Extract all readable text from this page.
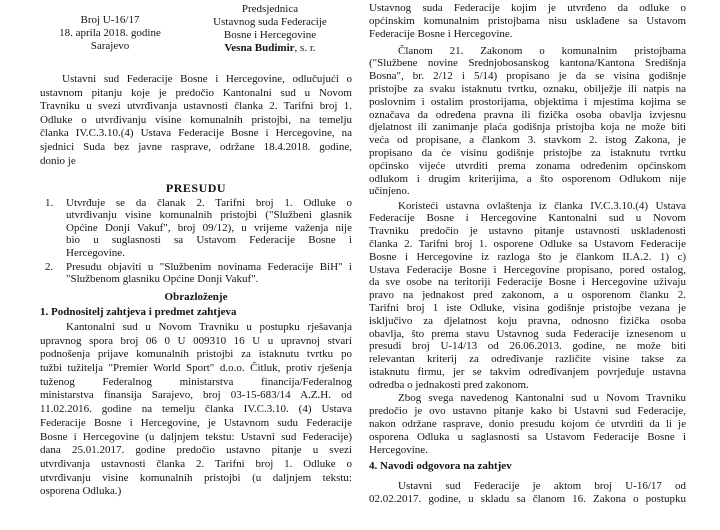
Broj U-16/17
18. aprila 2018. godine
Sarajevo
Predsjednica
Ustavnog suda Federacije
Bosne i Hercegovine
Vesna Budimir, s. r.
Ustavni sud Federacije Bosne i Hercegovine, odlučujući o
ustavnom pitanju koje je predočio Kantonalni sud u Novom
Travniku u svezi utvrđivanja ustavnosti članka 2. Tarifni broj 1.
Odluke o utvrđivanju visine komunalnih pristojbi, na temelju
članka IV.C.3.10.(4) Ustava Federacije Bosne i Hercegovine, na
sjednici Suda bez javne rasprave, održane 18.4.2018. godine,
donio je
PRESUDU
1. Utvrđuje se da članak 2. Tarifni broj 1. Odluke o
utvrđivanju visine komunalnih pristojbi ("Službeni glasnik
Općine Donji Vakuf", broj 09/12), u vrijeme važenja nije
bio u suglasnosti sa Ustavom Federacije Bosne i
Hercegovine.
2. Presudu objaviti u "Službenim novinama Federacije BiH" i
"Službenom glasniku Općine Donji Vakuf".
Obrazloženje
1. Podnositelj zahtjeva i predmet zahtjeva
Kantonalni sud u Novom Travniku u postupku rješavanja
upravnog spora broj 06 0 U 009310 16 U u upravnoj stvari
podnošenja prijave komunalnih pristojbi za istaknutu tvrtku po
tužbi tužitelja "Premier World Sport" d.o.o. Čitluk, protiv rješenja
tuženog Federalnog ministarstva financija/Federalnog
ministarstva finansija Sarajevo, broj 03-15-683/14 A.Z.H. od
11.02.2016. godine na temelju članka IV.C.3.10. (4) Ustava
Federacije Bosne i Hercegovine, je Ustavnom sudu Federacije
Bosne i Hercegovine (u daljnjem tekstu: Ustavni sud Federacije)
dana 25.01.2017. godine predočio ustavno pitanje u svezi
utvrđivanja ustavnosti članka 2. Tarifni broj 1. Odluke o
utvrđivanju visine komunalnih pristojbi (u daljnjem tekstu:
osporena Odluka.)
Ustavnog suda Federacije kojim je utvrđeno da odluke o
općinskim komunalnim pristojbama nisu usklađene sa Ustavom
Federacije Bosne i Hercegovine.
Članom 21. Zakonom o komunalnim pristojbama
("Službene novine Srednjobosanskog kantona/Kantona Središnja
Bosna", br. 2/12 i 5/14) propisano je da se visina godišnje
pristojbe za svaku istaknutu tvrtku, oznaku, obilježje ili natpis na
poslovnim i ostalim prostorijama, objektima i mjestima kojima se
označava da određena pravna ili fizička osoba obavlja izvjesnu
djelatnost ili zanimanje plaća godišnja pristojba koja ne može biti
veća od propisane, a člankom 3. stavkom 2. istog Zakona, je
propisano da će visinu godišnje pristojbe za istaknutu tvrtku
općinsko vijeće utvrditi prema zonama određenim općinskom
odlukom i drugim kriterijima, a što osporenom Odlukom nije
učinjeno.
Koristeći ustavna ovlaštenja iz članka IV.C.3.10.(4) Ustava
Federacije Bosne i Hercegovine Kantonalni sud u Novom
Travniku predočio je ustavno pitanje ustavnosti uskladenosti
članka 2. Tarifni broj 1. osporene Odluke sa Ustavom Federacije
Bosne i Hercegovine iz razloga što je člankom II.A.2. 1) c)
Ustava Federacije Bosne i Hercegovine propisano, pored ostalog,
da sve osobe na teritoriji Federacije Bosne i Hercegovine uživaju
pravo na jednakost pred zakonom, a u osporenom članku 2.
Tarifni broj 1 iste Odluke, visina godišnje pristojbe vezana je
isključivo za djelatnost koju pravna, odnosno fizička osoba
obavlja, što prema stavu Ustavnog suda Federacije iznesenom u
presudi broj U-14/13 od 26.06.2013. godine, ne može biti
relevantan kriterij za određivanje različite visine takse za
istaknutu firmu, jer se takvim određivanjem povrjeđuje ustavna
odredba o jednakosti pred zakonom.
Zbog svega navedenog Kantonalni sud u Novom Travniku
predočio je ovo ustavno pitanje kako bi Ustavni sud Federacije,
nakon održane rasprave, donio presudu kojom će utvrditi da li je
osporena Odluka u saglasnosti sa Ustavom Federacije Bosne i
Hercegovine.
4. Navodi odgovora na zahtjev
Ustavni sud Federacije je aktom broj U-16/17 od
02.02.2017. godine, u skladu sa članom 16. Zakona o postupku
